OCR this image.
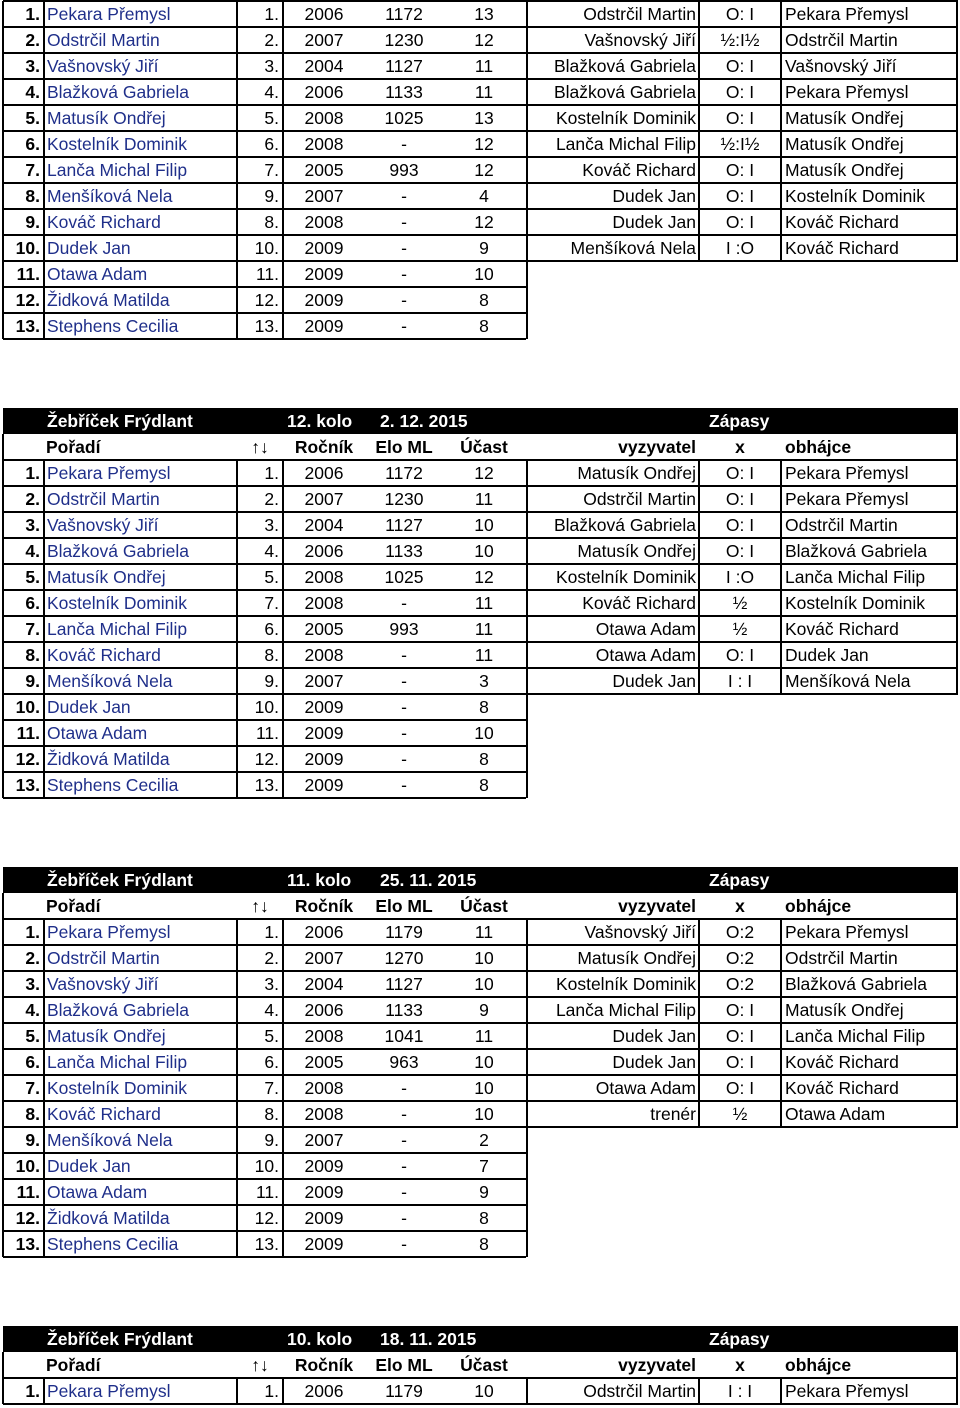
1. Pekara Přemysl	1.	2006	1172	13	Odstrčil Martin	O: I	Pekara Přemysl
2. Odstrčil Martin	2.	2007	1230	12	Vašnovský Jiří	½:I½	Odstrčil Martin
3. Vašnovský Jiří	3.	2004	1127	11	Blažková Gabriela	O: I	Vašnovský Jiří
4. Blažková Gabriela	4.	2006	1133	11	Blažková Gabriela	O: I	Pekara Přemysl
5. Matusík Ondřej	5.	2008	1025	13	Kostelník Dominik	O: I	Matusík Ondřej
6. Kostelník Dominik	6.	2008	-	12	Lanča Michal Filip	½:I½	Matusík Ondřej
7. Lanča Michal Filip	7.	2005	993	12	Kováč Richard	O: I	Matusík Ondřej
8. Menšíková Nela	9.	2007	-	4	Dudek Jan	O: I	Kostelník Dominik
9. Kováč Richard	8.	2008	-	12	Dudek Jan	O: I	Kováč Richard
10. Dudek Jan	10.	2009	-	9	Menšíková Nela	I :O	Kováč Richard
11. Otawa Adam	11.	2009	-	10
12. Židková Matilda	12.	2009	-	8
13. Stephens Cecilia	13.	2009	-	8
Žebříček Frýdlant	12. kolo	2. 12. 2015	Zápasy
Pořadí	↑↓	Ročník	Elo ML	Účast	vyzyvatel	x	obhájce
1. Pekara Přemysl	1.	2006	1172	12	Matusík Ondřej	O: I	Pekara Přemysl
2. Odstrčil Martin	2.	2007	1230	11	Odstrčil Martin	O: I	Pekara Přemysl
3. Vašnovský Jiří	3.	2004	1127	10	Blažková Gabriela	O: I	Odstrčil Martin
4. Blažková Gabriela	4.	2006	1133	10	Matusík Ondřej	O: I	Blažková Gabriela
5. Matusík Ondřej	5.	2008	1025	12	Kostelník Dominik	I :O	Lanča Michal Filip
6. Kostelník Dominik	7.	2008	-	11	Kováč Richard	½	Kostelník Dominik
7. Lanča Michal Filip	6.	2005	993	11	Otawa Adam	½	Kováč Richard
8. Kováč Richard	8.	2008	-	11	Otawa Adam	O: I	Dudek Jan
9. Menšíková Nela	9.	2007	-	3	Dudek Jan	I : I	Menšíková Nela
10. Dudek Jan	10.	2009	-	8
11. Otawa Adam	11.	2009	-	10
12. Židková Matilda	12.	2009	-	8
13. Stephens Cecilia	13.	2009	-	8
Žebříček Frýdlant	11. kolo	25. 11. 2015	Zápasy
Pořadí	↑↓	Ročník	Elo ML	Účast	vyzyvatel	x	obhájce
1. Pekara Přemysl	1.	2006	1179	11	Vašnovský Jiří	O:2	Pekara Přemysl
2. Odstrčil Martin	2.	2007	1270	10	Matusík Ondřej	O:2	Odstrčil Martin
3. Vašnovský Jiří	3.	2004	1127	10	Kostelník Dominik	O:2	Blažková Gabriela
4. Blažková Gabriela	4.	2006	1133	9	Lanča Michal Filip	O: I	Matusík Ondřej
5. Matusík Ondřej	5.	2008	1041	11	Dudek Jan	O: I	Lanča Michal Filip
6. Lanča Michal Filip	6.	2005	963	10	Dudek Jan	O: I	Kováč Richard
7. Kostelník Dominik	7.	2008	-	10	Otawa Adam	O: I	Kováč Richard
8. Kováč Richard	8.	2008	-	10	trenér	½	Otawa Adam
9. Menšíková Nela	9.	2007	-	2
10. Dudek Jan	10.	2009	-	7
11. Otawa Adam	11.	2009	-	9
12. Židková Matilda	12.	2009	-	8
13. Stephens Cecilia	13.	2009	-	8
Žebříček Frýdlant	10. kolo	18. 11. 2015	Zápasy
Pořadí	↑↓	Ročník	Elo ML	Účast	vyzyvatel	x	obhájce
1. Pekara Přemysl	1.	2006	1179	10	Odstrčil Martin	I : I	Pekara Přemysl
